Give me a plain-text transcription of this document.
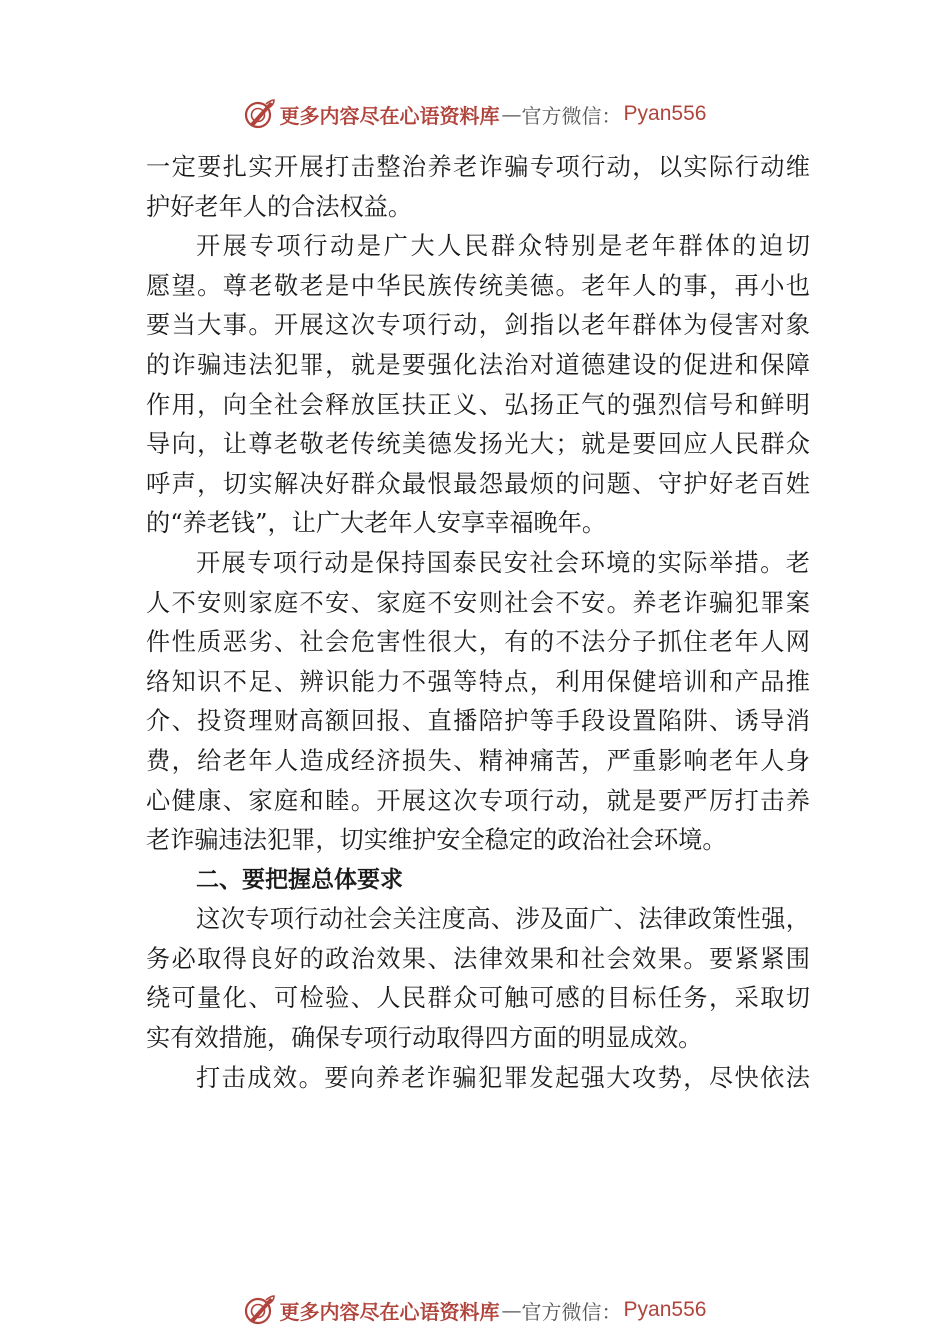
更多内容尽在心语资料库 — 官方微信： Pyan556
一定要扎实开展打击整治养老诈骗专项行动，以实际行动维
护好老年人的合法权益。
开展专项行动是广大人民群众特别是老年群体的迫切
愿望。尊老敬老是中华民族传统美德。老年人的事，再小也
要当大事。开展这次专项行动，剑指以老年群体为侵害对象
的诈骗违法犯罪，就是要强化法治对道德建设的促进和保障
作用，向全社会释放匡扶正义、弘扬正气的强烈信号和鲜明
导向，让尊老敬老传统美德发扬光大；就是要回应人民群众
呼声，切实解决好群众最恨最怨最烦的问题、守护好老百姓
的“养老钱”，让广大老年人安享幸福晚年。
开展专项行动是保持国泰民安社会环境的实际举措。老
人不安则家庭不安、家庭不安则社会不安。养老诈骗犯罪案
件性质恶劣、社会危害性很大，有的不法分子抓住老年人网
络知识不足、辨识能力不强等特点，利用保健培训和产品推
介、投资理财高额回报、直播陪护等手段设置陷阱、诱导消
费，给老年人造成经济损失、精神痛苦，严重影响老年人身
心健康、家庭和睦。开展这次专项行动，就是要严厉打击养
老诈骗违法犯罪，切实维护安全稳定的政治社会环境。
二、要把握总体要求
这次专项行动社会关注度高、涉及面广、法律政策性强，
务必取得良好的政治效果、法律效果和社会效果。要紧紧围
绕可量化、可检验、人民群众可触可感的目标任务，采取切
实有效措施，确保专项行动取得四方面的明显成效。
打击成效。要向养老诈骗犯罪发起强大攻势，尽快依法
更多内容尽在心语资料库 — 官方微信： Pyan556
